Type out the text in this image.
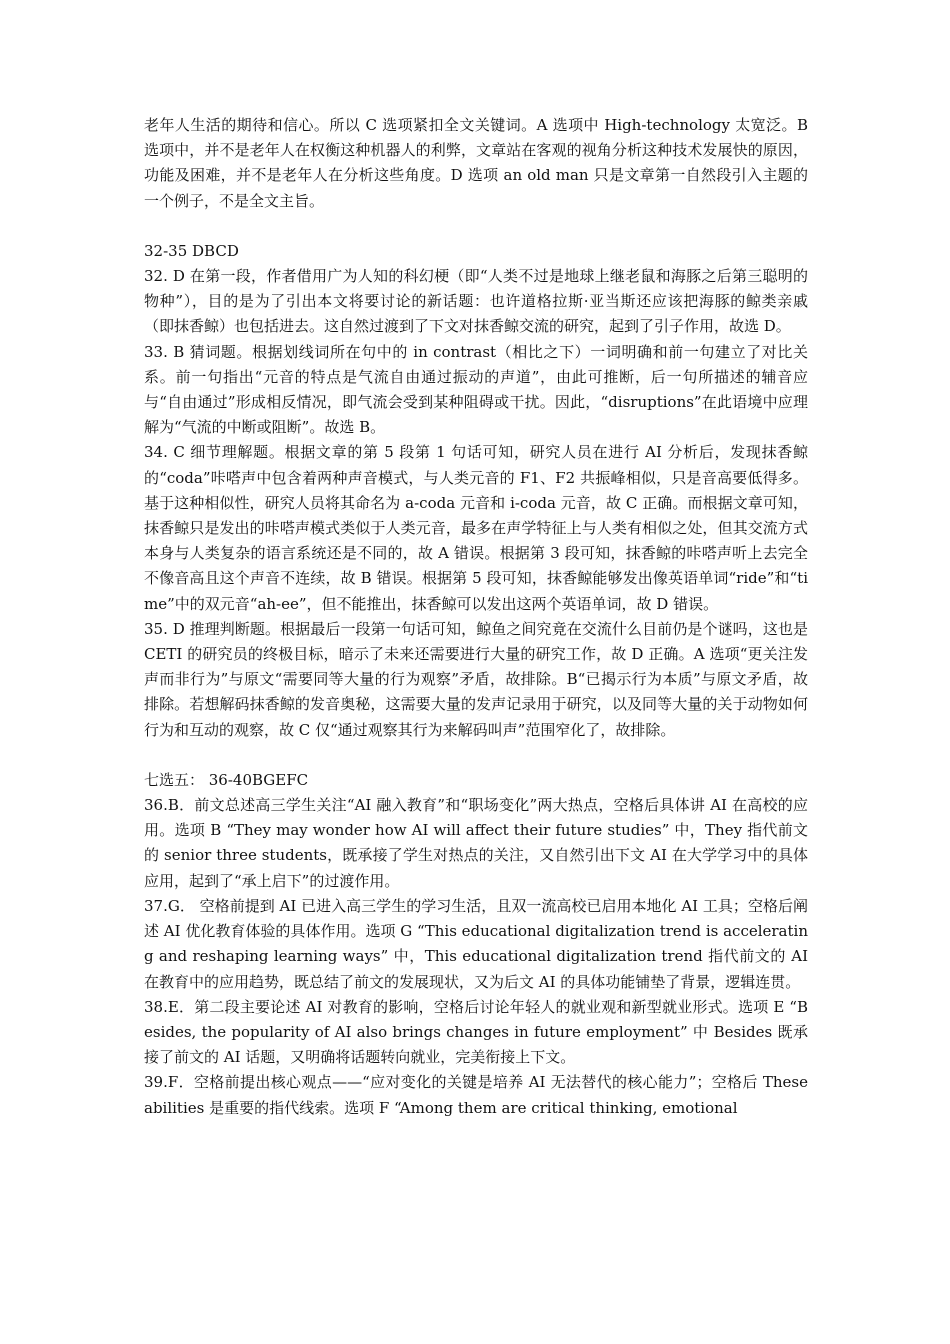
老年人生活的期待和信心。所以 C 选项紧扣全文关键词。A 选项中 High-technology 太宽泛。B 选项中，并不是老年人在权衡这种机器人的利弊，文章站在客观的视角分析这种技术发展快的原因，功能及困难，并不是老年人在分析这些角度。D 选项 an old man 只是文章第一自然段引入主题的一个例子，不是全文主旨。

32-35 DBCD

32. D 在第一段，作者借用广为人知的科幻梗（即“人类不过是地球上继老鼠和海豚之后第三聪明的物种”），目的是为了引出本文将要讨论的新话题：也许道格拉斯·亚当斯还应该把海豚的鲸类亲戚（即抹香鲸）也包括进去。这自然过渡到了下文对抹香鲸交流的研究，起到了引子作用，故选 D。

33. B 猜词题。根据划线词所在句中的 in contrast（相比之下）一词明确和前一句建立了对比关系。前一句指出“元音的特点是气流自由通过振动的声道”，由此可推断，后一句所描述的辅音应与“自由通过”形成相反情况，即气流会受到某种阻碍或干扰。因此，“disruptions”在此语境中应理解为“气流的中断或阻断”。故选 B。

34. C 细节理解题。根据文章的第 5 段第 1 句话可知，研究人员在进行 AI 分析后，发现抹香鲸的“coda”咔嗒声中包含着两种声音模式，与人类元音的 F1、F2 共振峰相似，只是音高要低得多。基于这种相似性，研究人员将其命名为 a-coda 元音和 i-coda 元音，故 C 正确。而根据文章可知，抹香鲸只是发出的咔嗒声模式类似于人类元音，最多在声学特征上与人类有相似之处，但其交流方式本身与人类复杂的语言系统还是不同的，故 A 错误。根据第 3 段可知，抹香鲸的咔嗒声听上去完全不像音高且这个声音不连续，故 B 错误。根据第 5 段可知，抹香鲸能够发出像英语单词“ride”和“time”中的双元音“ah-ee”，但不能推出，抹香鲸可以发出这两个英语单词，故 D 错误。

35. D 推理判断题。根据最后一段第一句话可知，鲸鱼之间究竟在交流什么目前仍是个谜吗，这也是 CETI 的研究员的终极目标，暗示了未来还需要进行大量的研究工作，故 D 正确。A 选项“更关注发声而非行为”与原文“需要同等大量的行为观察”矛盾，故排除。B“已揭示行为本质”与原文矛盾，故排除。若想解码抹香鲸的发音奥秘，这需要大量的发声记录用于研究，以及同等大量的关于动物如何行为和互动的观察，故 C 仅“通过观察其行为来解码叫声”范围窄化了，故排除。

七选五： 36-40BGEFC

36.B．前文总述高三学生关注“AI 融入教育”和“职场变化”两大热点，空格后具体讲 AI 在高校的应用。选项 B “They may wonder how AI will affect their future studies” 中，They 指代前文的 senior three students，既承接了学生对热点的关注，又自然引出下文 AI 在大学学习中的具体应用，起到了“承上启下”的过渡作用。

37.G． 空格前提到 AI 已进入高三学生的学习生活，且双一流高校已启用本地化 AI 工具；空格后阐述 AI 优化教育体验的具体作用。选项 G “This educational digitalization trend is accelerating and reshaping learning ways” 中，This educational digitalization trend 指代前文的 AI 在教育中的应用趋势，既总结了前文的发展现状，又为后文 AI 的具体功能铺垫了背景，逻辑连贯。

38.E．第二段主要论述 AI 对教育的影响，空格后讨论年轻人的就业观和新型就业形式。选项 E “Besides, the popularity of AI also brings changes in future employment” 中 Besides 既承接了前文的 AI 话题，又明确将话题转向就业，完美衔接上下文。

39.F．空格前提出核心观点——“应对变化的关键是培养 AI 无法替代的核心能力”；空格后 These abilities 是重要的指代线索。选项 F “Among them are critical thinking, emotional
